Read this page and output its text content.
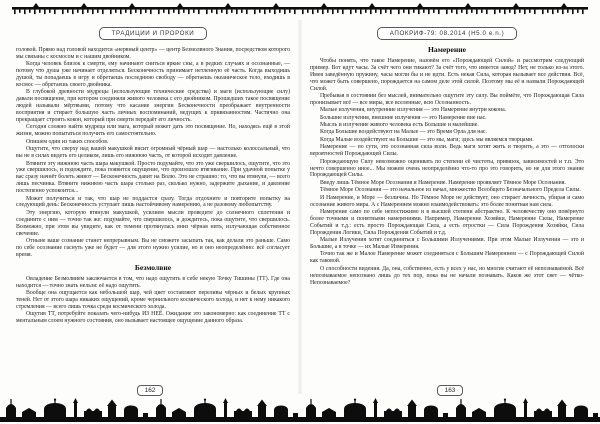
ТРАДИЦИИ И ПРОРОКИ

головой. Прямо над головой находится «нервный центр» — центр Безмолвного Знания, посредством которого мы связаны с космосом и с нашим двойником.

Когда человек близок к смерти, ему начинают сниться яркие сны, а в редких случаях и осознанные, — потому что душа уже начинает отделяться. Бесконечность принимает нетленную её часть. Когда выходишь душой, ты попадаешь в игру и обретаешь последнюю свободу — обретаешь океаническое тело, входишь в космос — обретаешь своего двойника.

В глубокой древности мудрецы (использующие технические средства) и маги (использующие силу) давали посвящение, при котором соединяли живого человека с его двойником. Прошедших такое посвящение людей называли мёртвыми, потому что касание энергии Бесконечности преображает внутренности восприятия и стирает большую часть личных воспоминаний, ведущих к привязанностям. Частично она прекращает строить кокон, который при смерти передаёт его личность.

Сегодня сложно найти мудреца или мага, который может дать это посвящение. Но, находясь ещё в этой жизни, можно попытаться получить его самостоятельно.

Опишем один из таких способов.

Ощутите, что сверху над вашей макушкой висит огромный чёрный шар — настолько колоссальный, что вы не в силах видеть его целиком, лишь его нижнюю часть, от которой исходит давление.

Втяните эту нижнюю часть шара макушкой. Просто подумайте, что это уже свершилось, ощутите, что это уже свершилось, и подождите, пока появится ощущение, что произошло втягивание. При удачной попытке у вас сразу начнёт болеть живот — Бесконечность давит на Волю. Это не страшно: то, что вы втянули, — всего лишь песчинка. Втяните нижнюю часть шара столько раз, сколько нужно, задержите дыхание, и давление постепенно успокоится...

Может получиться и так, что шар не поддастся сразу. Тогда отдохните и повторите попытку на следующий день: Бесконечность уступает лишь настойчивому намерению, а не разовому любопытству.

Эту энергию, которую втянули макушкой, усилием мысли проведите до солнечного сплетения и соедините с ним — точно так же: подумайте, что свершилось, и дождитесь, пока ощутите, что свершилось. Возможно, при этом вы увидите, как от темени протянулась вниз чёрная нить, излучающая собственное свечение.

Отныне ваше сознание станет непрерывным. Вы не сможете засыпать так, как делали это раньше. Само по себе осознание гаснуть уже не будет — для этого нужно усилие, но и оно неопределённо: всё согласует время.

Безмолвие

Овладение Безмолвием заключается в том, что надо ощутить в себе некую Точку Тишины (ТТ). Где она находится — точно знать нельзя: её надо ощутить.

Вообще она ощущается как небольшой шар, чей цвет составляют переливы чёрных и белых крупных теней. Нет от этого шара никаких ощущений, кроме чернильного космического холода, и нет к нему никакого стремления — всего лишь точка среди космического холода.

Ощутив ТТ, потребуйте показать чего-нибудь ИЗ НЕЁ. Ожидание это закономерно: как соединение ТТ с ментальным слоем нужного состояния, оно вызывает настоящее ощущение данного образа.

АПОКРИФ-79: 08.2014 (H5.0 e.n.)
Намерение

Чтобы понять, что такое Намерение, назовём его «Порождающей Силой» и рассмотрим следующий пример. Вот идут часы. За счёт чего они тикают? За счёт того, что имеется завод? Нет, не только из-за этого. Имея заведённую пружину, часы могли бы и не идти. Есть некая Сила, которая вызывает все действия. Всё, что может быть совершено, порождается на самом деле этой силой. Поэтому мы её и назвали Порождающей Силой.

Пребывая в состоянии без мыслей, внимательно ощутите эту силу. Вы поймёте, что Порождающая Сила пронизывает всё — все миры, все вселенные, всю Осознанность.

Малые излучения, внутренние излучения — это Намерение внутри кокона.

Большие излучения, внешние излучения — это Намерение вне нас.

Мысль и излучение живого человека есть Большие и малейшие.

Когда Большие воздействуют на Малые — это Время Орла для нас.

Когда Малые воздействуют на Большие — это мы, маги; здесь мы являемся творцами.

Намерение — по сути, это осознанная сила воли. Ведь маги хотят жить и творить, а это — отголоски вероятностей Порождающей Силы.

Порождающую Силу невозможно оценивать по степени её чистоты, привязок, зависимостей и т.п. Это нечто совершенно иное... Мы можем очень неопределённо что-то про это говорить, но не для этого знание Порождающей Силы.

Введу лишь Тёмное Море Осознания и Намерение. Намерение проявляет Тёмное Море Осознания.

Тёмное Море Осознания — это начальное из начал, множество Всеобщего Безначального Предела Силы.

И Намерение, и Море — безличны. Но Тёмное Море не действует, оно стирает личность, убирая и само осознание живого мира. А с Намерением можно взаимодействовать: это более понятная нам сила.

Намерение само по себе непостижимо и в высшей степени абстрактно. К человечеству оно повёрнуто более точными и понятными намерениями. Например, Намерение Хозяйки, Намерение Силы, Намерение Событий и т.д.: есть просто Порождающая Сила, а есть отростки — Сила Порождения Хозяйки, Сила Порождения Логики, Сила Порождения Событий и т.д.

Малые Излучения хотят соединяться с Большими Излучениями. При этом Малые Излучения — это и Большие, а в точке — их Малые Измерения.

Точно так же и Малое Намерение может соединяться с Большим Намерением — с Порождающей Силой как таковой.

О способности видения. Да, она, собственно, есть у всех у нас, но многие считают её непознаваемой. Всё непознаваемое непознано лишь до тех пор, пока вы не начали познавать. Каков же этот свет — чётко-Непознаваемое?

162	163
